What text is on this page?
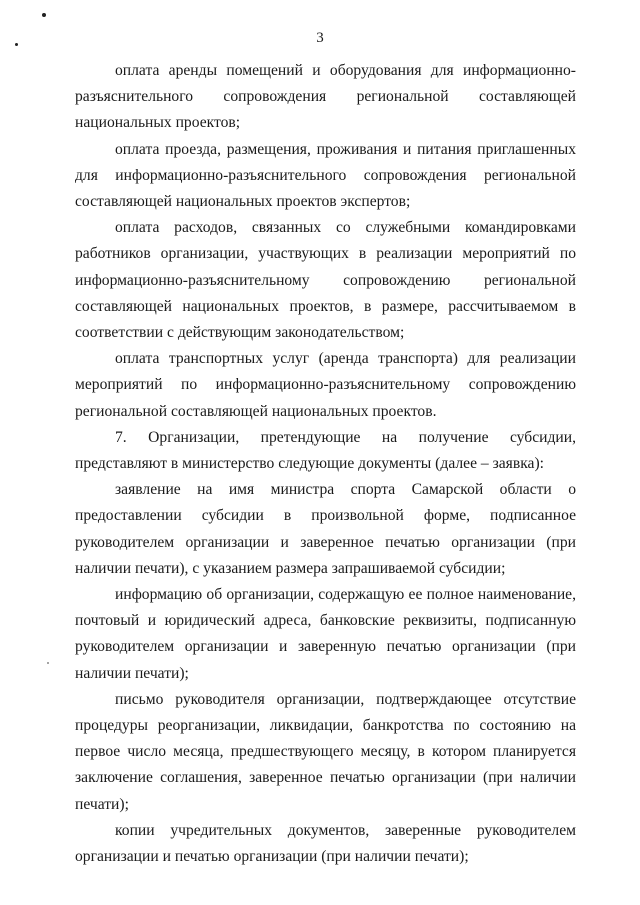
3

оплата аренды помещений и оборудования для информационно-разъяснительного сопровождения региональной составляющей национальных проектов;

оплата проезда, размещения, проживания и питания приглашенных для информационно-разъяснительного сопровождения региональной составляющей национальных проектов экспертов;

оплата расходов, связанных со служебными командировками работников организации, участвующих в реализации мероприятий по информационно-разъяснительному сопровождению региональной составляющей национальных проектов, в размере, рассчитываемом в соответствии с действующим законодательством;

оплата транспортных услуг (аренда транспорта) для реализации мероприятий по информационно-разъяснительному сопровождению региональной составляющей национальных проектов.

7. Организации, претендующие на получение субсидии, представляют в министерство следующие документы (далее – заявка):

заявление на имя министра спорта Самарской области о предоставлении субсидии в произвольной форме, подписанное руководителем организации и заверенное печатью организации (при наличии печати), с указанием размера запрашиваемой субсидии;

информацию об организации, содержащую ее полное наименование, почтовый и юридический адреса, банковские реквизиты, подписанную руководителем организации и заверенную печатью организации (при наличии печати);

письмо руководителя организации, подтверждающее отсутствие процедуры реорганизации, ликвидации, банкротства по состоянию на первое число месяца, предшествующего месяцу, в котором планируется заключение соглашения, заверенное печатью организации (при наличии печати);

копии учредительных документов, заверенные руководителем организации и печатью организации (при наличии печати);
